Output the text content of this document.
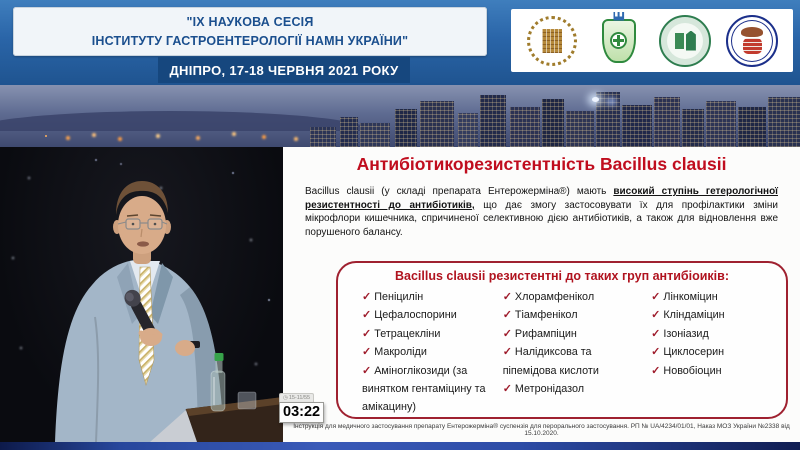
"ІХ НАУКОВА СЕСІЯ
ІНСТИТУТУ ГАСТРОЕНТЕРОЛОГІЇ НАМН УКРАЇНИ"
ДНІПРО, 17-18 ЧЕРВНЯ 2021 РОКУ
Антибіотикорезистентність Bacillus clausii

Bacillus clausii (у складі препарата Ентерожерміна®) мають високий ступінь гетерологічної резистентності до антибіотиків, що дає змогу застосовувати їх для профілактики зміни мікрофлори кишечника, спричиненої селективною дією антибіотиків, а також для відновлення вже порушеного балансу.

Bacillus clausii резистентні до таких груп антибіоиків:
✓ Пеніцилін
✓ Цефалоспорини
✓ Тетрацекліни
✓ Макроліди
✓ Аміноглікозиди (за винятком гентаміцину та амікацину)
✓ Хлорамфенікол
✓ Тіамфенікол
✓ Рифампіцин
✓ Налідиксова та піпемідова кислоти
✓ Метронідазол
✓ Лінкоміцин
✓ Кліндаміцин
✓ Ізоніазид
✓ Циклосерин
✓ Новобіоцин
Інструкція для медичного застосування препарату Ентерожерміна® суспензія для перорального застосування. РП № UA/4234/01/01, Наказ МОЗ України №2338 від 15.10.2020.
◷ 15-11/55
03:22
